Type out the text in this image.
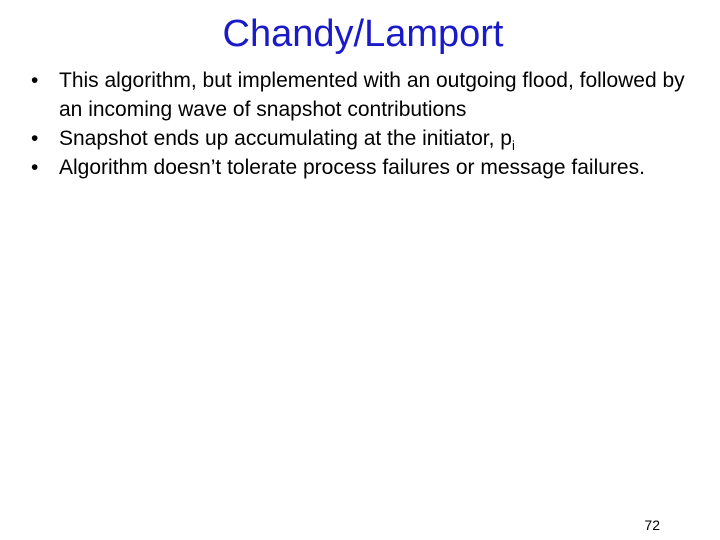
Chandy/Lamport
• This algorithm, but implemented with an outgoing flood, followed by an incoming wave of snapshot contributions
• Snapshot ends up accumulating at the initiator, $p_i$
• Algorithm doesn’t tolerate process failures or message failures.
72
